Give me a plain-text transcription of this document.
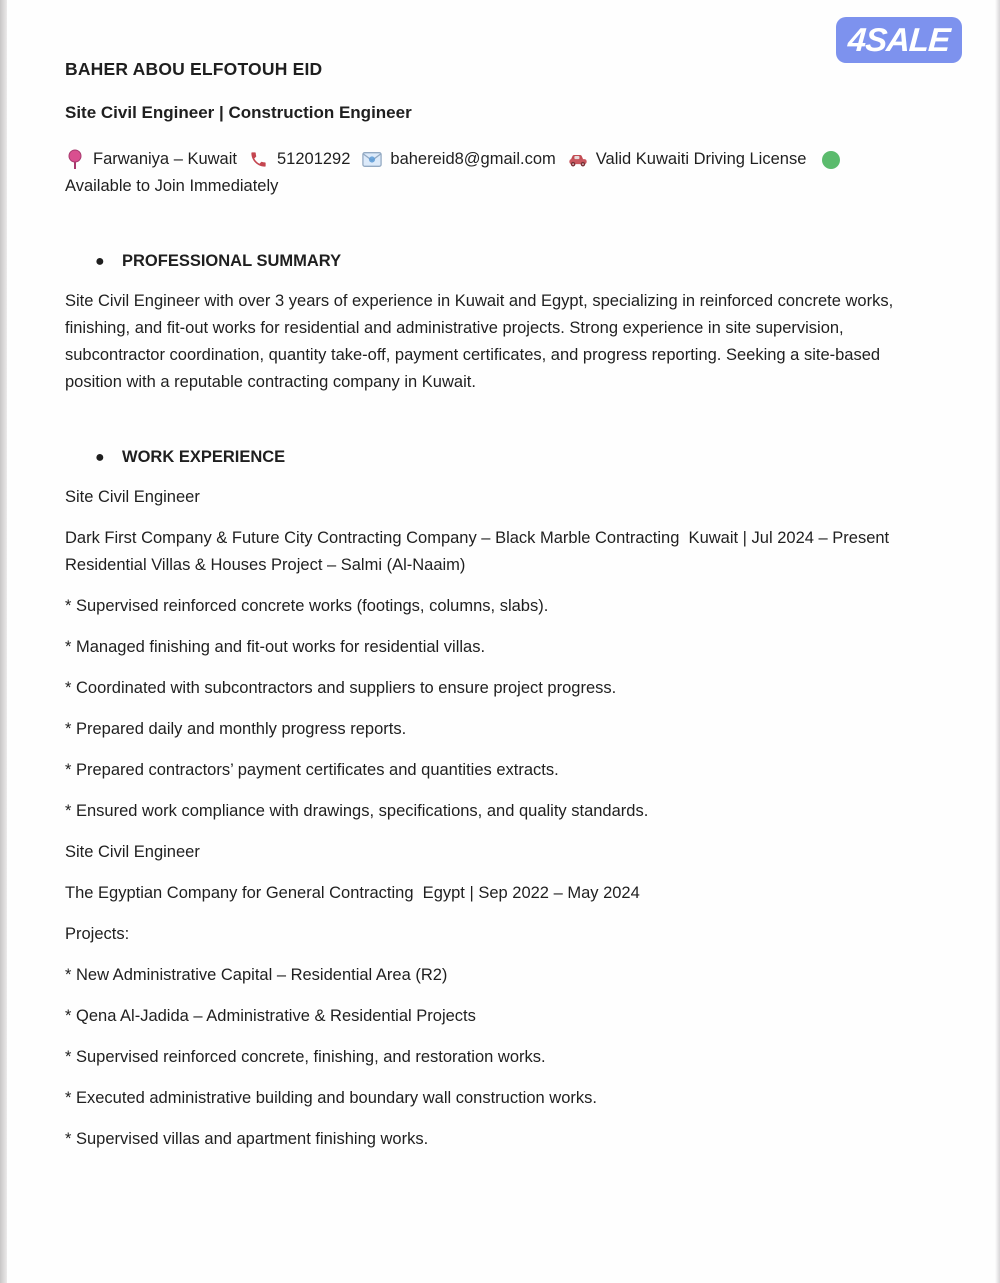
4SALE
BAHER ABOU ELFOTOUH EID
Site Civil Engineer | Construction Engineer
Farwaniya – Kuwait 51201292 bahereid8@gmail.com Valid Kuwaiti Driving License

Available to Join Immediately

●	PROFESSIONAL SUMMARY

Site Civil Engineer with over 3 years of experience in Kuwait and Egypt, specializing in reinforced concrete works, finishing, and fit-out works for residential and administrative projects. Strong experience in site supervision, subcontractor coordination, quantity take-off, payment certificates, and progress reporting. Seeking a site-based position with a reputable contracting company in Kuwait.

●	WORK EXPERIENCE

Site Civil Engineer

Dark First Company & Future City Contracting Company – Black Marble Contracting  Kuwait | Jul 2024 – Present  Residential Villas & Houses Project – Salmi (Al-Naaim)

* Supervised reinforced concrete works (footings, columns, slabs).

* Managed finishing and fit-out works for residential villas.

* Coordinated with subcontractors and suppliers to ensure project progress.

* Prepared daily and monthly progress reports.

* Prepared contractors’ payment certificates and quantities extracts.

* Ensured work compliance with drawings, specifications, and quality standards.

Site Civil Engineer

The Egyptian Company for General Contracting  Egypt | Sep 2022 – May 2024

Projects:

* New Administrative Capital – Residential Area (R2)

* Qena Al-Jadida – Administrative & Residential Projects

* Supervised reinforced concrete, finishing, and restoration works.

* Executed administrative building and boundary wall construction works.

* Supervised villas and apartment finishing works.
